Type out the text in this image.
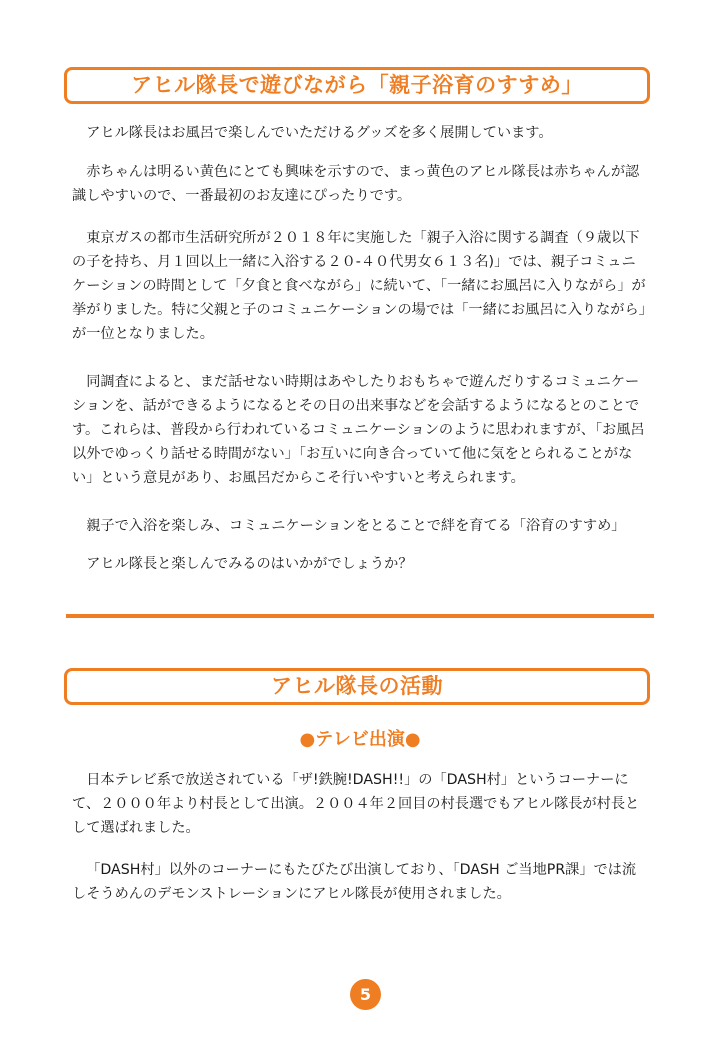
アヒル隊長で遊びながら「親子浴育のすすめ」

アヒル隊長はお風呂で楽しんでいただけるグッズを多く展開しています。

赤ちゃんは明るい黄色にとても興味を示すので、まっ黄色のアヒル隊長は赤ちゃんが認識しやすいので、一番最初のお友達にぴったりです。

東京ガスの都市生活研究所が２０１８年に実施した「親子入浴に関する調査（９歳以下の子を持ち、月１回以上一緒に入浴する２０-４０代男女６１３名)」では、親子コミュニケーションの時間として「夕食と食べながら」に続いて、「一緒にお風呂に入りながら」が挙がりました。特に父親と子のコミュニケーションの場では「一緒にお風呂に入りながら」が一位となりました。

同調査によると、まだ話せない時期はあやしたりおもちゃで遊んだりするコミュニケーションを、話ができるようになるとその日の出来事などを会話するようになるとのことです。これらは、普段から行われているコミュニケーションのように思われますが、「お風呂以外でゆっくり話せる時間がない」「お互いに向き合っていて他に気をとられることがない」という意見があり、お風呂だからこそ行いやすいと考えられます。

親子で入浴を楽しみ、コミュニケーションをとることで絆を育てる「浴育のすすめ」

アヒル隊長と楽しんでみるのはいかがでしょうか？

アヒル隊長の活動
●テレビ出演●

日本テレビ系で放送されている「ザ!鉄腕!DASH!!」の「DASH村」というコーナーにて、２０００年より村長として出演。２００４年２回目の村長選でもアヒル隊長が村長として選ばれました。

「DASH村」以外のコーナーにもたびたび出演しており、「DASH ご当地PR課」では流しそうめんのデモンストレーションにアヒル隊長が使用されました。

5
